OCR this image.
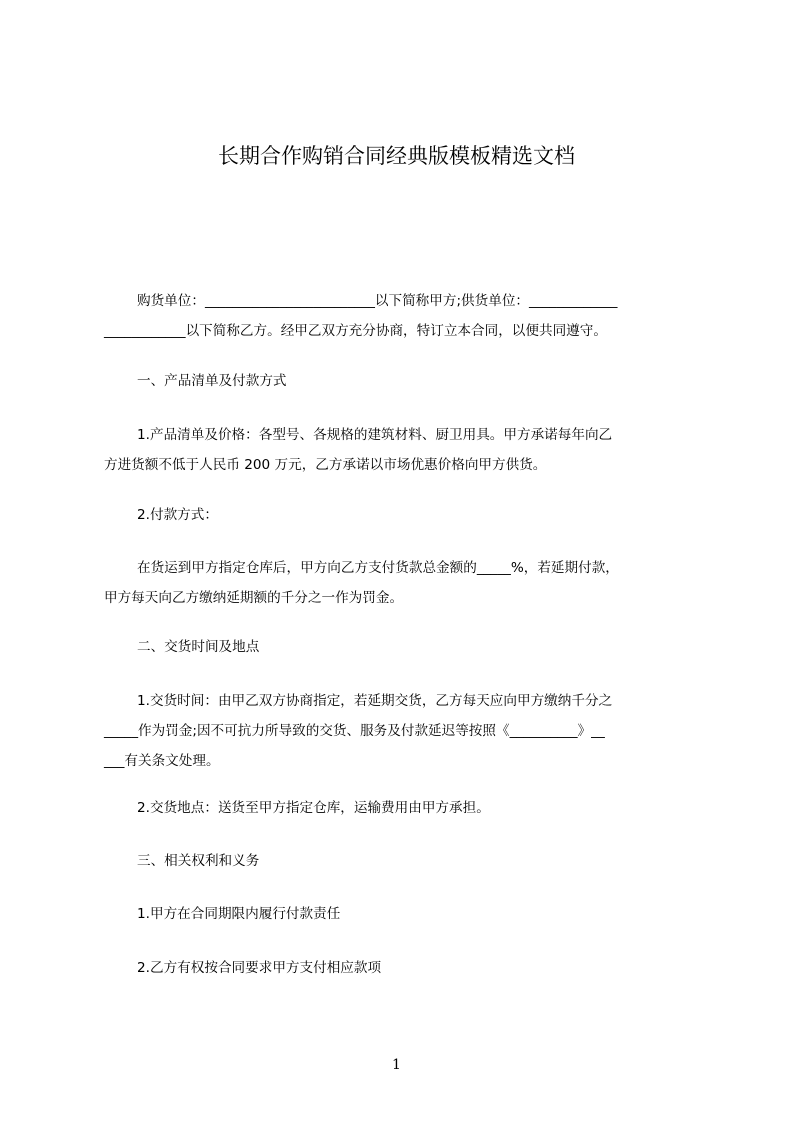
长期合作购销合同经典版模板精选文档
购货单位：_________________________以下简称甲方;供货单位：_____________
____________以下简称乙方。经甲乙双方充分协商，特订立本合同，以便共同遵守。
一、产品清单及付款方式
1.产品清单及价格：各型号、各规格的建筑材料、厨卫用具。甲方承诺每年向乙
方进货额不低于人民币 200 万元，乙方承诺以市场优惠价格向甲方供货。
2.付款方式：
在货运到甲方指定仓库后，甲方向乙方支付货款总金额的_____%，若延期付款，
甲方每天向乙方缴纳延期额的千分之一作为罚金。
二、交货时间及地点
1.交货时间：由甲乙双方协商指定，若延期交货，乙方每天应向甲方缴纳千分之
_____作为罚金;因不可抗力所导致的交货、服务及付款延迟等按照《__________》__
___有关条文处理。
2.交货地点：送货至甲方指定仓库，运输费用由甲方承担。
三、相关权利和义务
1.甲方在合同期限内履行付款责任
2.乙方有权按合同要求甲方支付相应款项
1
